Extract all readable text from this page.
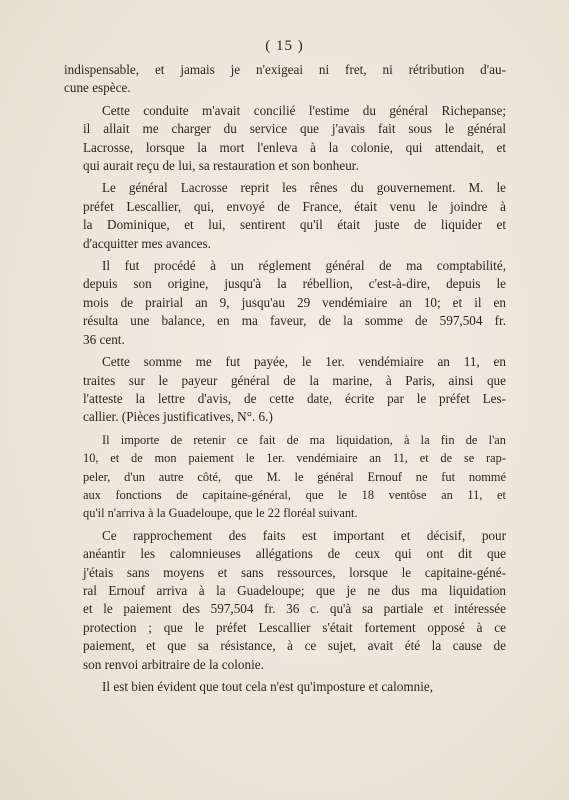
( 15 )

indispensable, et jamais je n'exigeai ni fret, ni rétribution d'au-
cune espèce.

Cette conduite m'avait concilié l'estime du général Richepanse;
il allait me charger du service que j'avais fait sous le général
Lacrosse, lorsque la mort l'enleva à la colonie, qui attendait, et
qui aurait reçu de lui, sa restauration et son bonheur.

Le général Lacrosse reprit les rênes du gouvernement. M. le
préfet Lescallier, qui, envoyé de France, était venu le joindre à
la Dominique, et lui, sentirent qu'il était juste de liquider et
d'acquitter mes avances.

Il fut procédé à un réglement général de ma comptabilité,
depuis son origine, jusqu'à la rébellion, c'est-à-dire, depuis le
mois de prairial an 9, jusqu'au 29 vendémiaire an 10; et il en
résulta une balance, en ma faveur, de la somme de 597,504 fr.
36 cent.

Cette somme me fut payée, le 1er. vendémiaire an 11, en
traites sur le payeur général de la marine, à Paris, ainsi que
l'atteste la lettre d'avis, de cette date, écrite par le préfet Les-
callier. (Pièces justificatives, N°. 6.)

Il importe de retenir ce fait de ma liquidation, à la fin de l'an
10, et de mon paiement le 1er. vendémiaire an 11, et de se rap-
peler, d'un autre côté, que M. le général Ernouf ne fut nommé
aux fonctions de capitaine-général, que le 18 ventôse an 11, et
qu'il n'arriva à la Guadeloupe, que le 22 floréal suivant.

Ce rapprochement des faits est important et décisif, pour
anéantir les calomnieuses allégations de ceux qui ont dit que
j'étais sans moyens et sans ressources, lorsque le capitaine-géné-
ral Ernouf arriva à la Guadeloupe; que je ne dus ma liquidation
et le paiement des 597,504 fr. 36 c. qu'à sa partiale et intéressée
protection ; que le préfet Lescallier s'était fortement opposé à ce
paiement, et que sa résistance, à ce sujet, avait été la cause de
son renvoi arbitraire de la colonie.

Il est bien évident que tout cela n'est qu'imposture et calomnie,
